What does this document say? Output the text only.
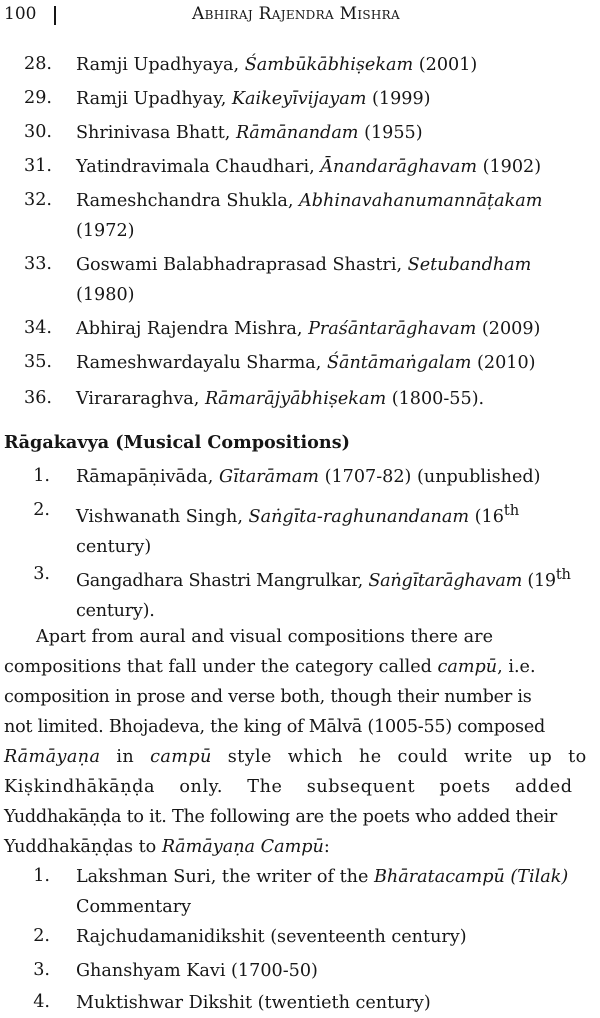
100	Abhiraj Rajendra Mishra
28. Ramji Upadhyaya, Śambūkābhiṣekam (2001)
29. Ramji Upadhyay, Kaikeyīvijayam (1999)
30. Shrinivasa Bhatt, Rāmānandam (1955)
31. Yatindravimala Chaudhari, Ānandarāghavam (1902)
32. Rameshchandra Shukla, Abhinavahanumannāṭakam (1972)
33. Goswami Balabhadraprasad Shastri, Setubandham (1980)
34. Abhiraj Rajendra Mishra, Praśāntarāghavam (2009)
35. Rameshwardayalu Sharma, Śāntāmaṅgalam (2010)
36. Virararaghva, Rāmarājyābhiṣekam (1800-55).
Rāgakavya (Musical Compositions)
1. Rāmapāṇivāda, Gītarāmam (1707-82) (unpublished)
2. Vishwanath Singh, Saṅgīta-raghunandanam (16th century)
3. Gangadhara Shastri Mangrulkar, Saṅgītarāghavam (19th century).
Apart from aural and visual compositions there are
compositions that fall under the category called campū, i.e.
composition in prose and verse both, though their number is
not limited. Bhojadeva, the king of Mālvā (1005-55) composed
Rāmāyaṇa in campū style which he could write up to
Kiṣkindhākāṇḍa only. The subsequent poets added
Yuddhakāṇḍa to it. The following are the poets who added their
Yuddhakāṇḍas to Rāmāyaṇa Campū:
1. Lakshman Suri, the writer of the Bhāratacampū (Tilak) Commentary
2. Rajchudamanidikshit (seventeenth century)
3. Ghanshyam Kavi (1700-50)
4. Muktishwar Dikshit (twentieth century)
